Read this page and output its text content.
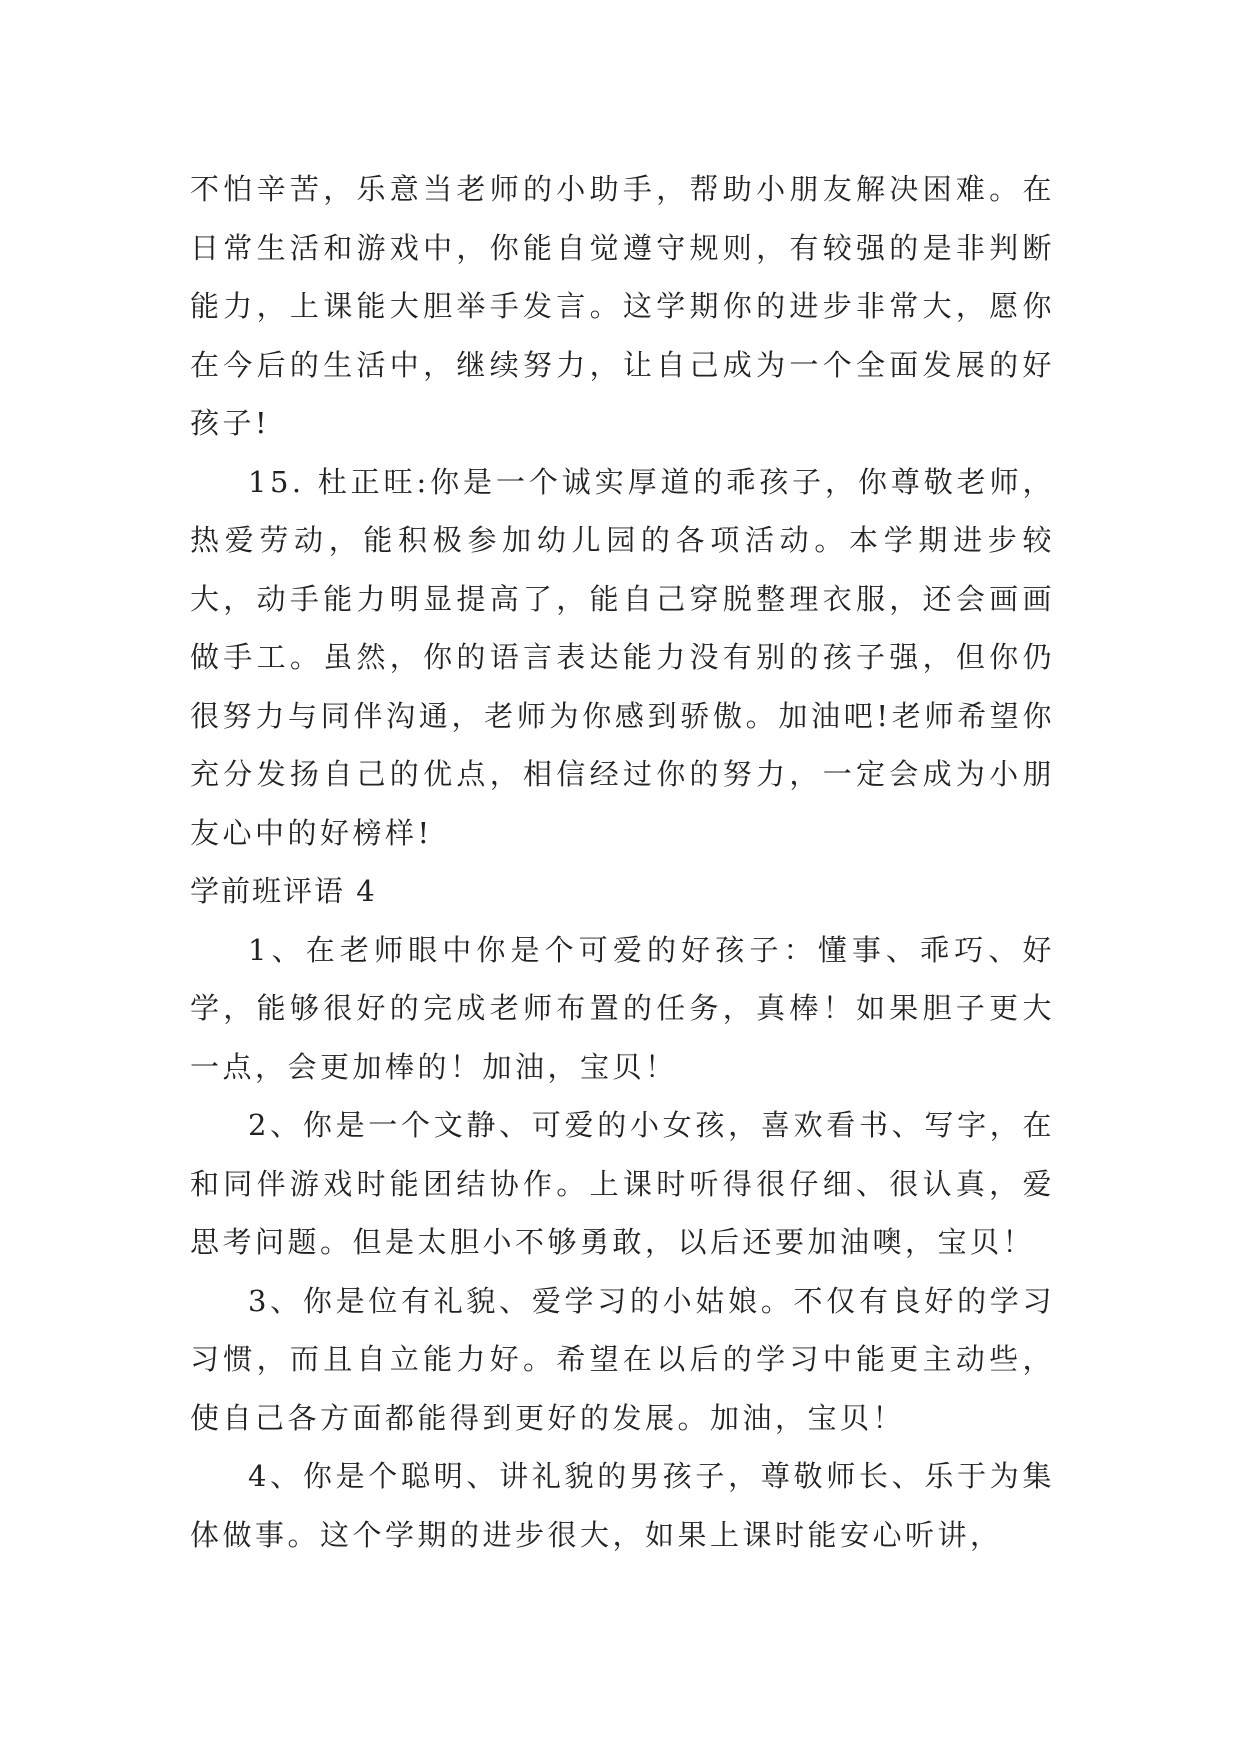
不怕辛苦，乐意当老师的小助手，帮助小朋友解决困难。在日常生活和游戏中，你能自觉遵守规则，有较强的是非判断能力，上课能大胆举手发言。这学期你的进步非常大，愿你在今后的生活中，继续努力，让自己成为一个全面发展的好孩子!

15. 杜正旺:你是一个诚实厚道的乖孩子，你尊敬老师，热爱劳动，能积极参加幼儿园的各项活动。本学期进步较大，动手能力明显提高了，能自己穿脱整理衣服，还会画画做手工。虽然，你的语言表达能力没有别的孩子强，但你仍很努力与同伴沟通，老师为你感到骄傲。加油吧!老师希望你充分发扬自己的优点，相信经过你的努力，一定会成为小朋友心中的好榜样!

学前班评语 4

1、在老师眼中你是个可爱的好孩子：懂事、乖巧、好学，能够很好的完成老师布置的任务，真棒！如果胆子更大一点，会更加棒的！加油，宝贝！

2、你是一个文静、可爱的小女孩，喜欢看书、写字，在和同伴游戏时能团结协作。上课时听得很仔细、很认真，爱思考问题。但是太胆小不够勇敢，以后还要加油噢，宝贝！

3、你是位有礼貌、爱学习的小姑娘。不仅有良好的学习习惯，而且自立能力好。希望在以后的学习中能更主动些，使自己各方面都能得到更好的发展。加油，宝贝！

4、你是个聪明、讲礼貌的男孩子，尊敬师长、乐于为集体做事。这个学期的进步很大，如果上课时能安心听讲，
